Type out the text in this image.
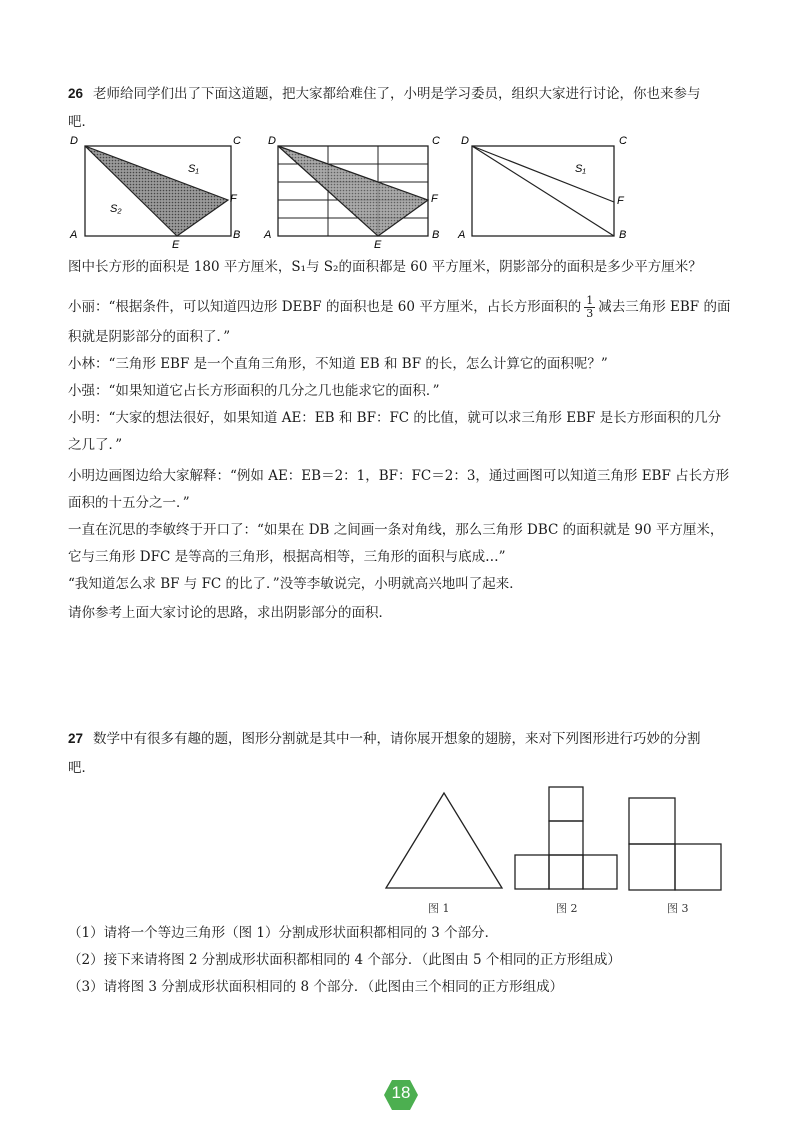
26 老师给同学们出了下面这道题，把大家都给难住了，小明是学习委员，组织大家进行讨论，你也来参与
吧．
D	C
A	B
E
F
S₁
S₂
D	C
A	B
E
F
D	C
A	B
F
S₁
图中长方形的面积是 180 平方厘米，S₁与 S₂的面积都是 60 平方厘米，阴影部分的面积是多少平方厘米？
小丽：“根据条件，可以知道四边形 DEBF 的面积也是 60 平方厘米，占长方形面积的 $\frac{1}{3}$ 减去三角形 EBF 的面
积就是阴影部分的面积了．”
小林：“三角形 EBF 是一个直角三角形，不知道 EB 和 BF 的长，怎么计算它的面积呢？”
小强：“如果知道它占长方形面积的几分之几也能求它的面积．”
小明：“大家的想法很好，如果知道 AE：EB 和 BF：FC 的比值，就可以求三角形 EBF 是长方形面积的几分
之几了．”
小明边画图边给大家解释：“例如 AE：EB＝2：1，BF：FC＝2：3，通过画图可以知道三角形 EBF 占长方形
面积的十五分之一．”
一直在沉思的李敏终于开口了：“如果在 DB 之间画一条对角线，那么三角形 DBC 的面积就是 90 平方厘米，
它与三角形 DFC 是等高的三角形，根据高相等，三角形的面积与底成…”
“我知道怎么求 BF 与 FC 的比了．”没等李敏说完，小明就高兴地叫了起来．
请你参考上面大家讨论的思路，求出阴影部分的面积．
27 数学中有很多有趣的题，图形分割就是其中一种，请你展开想象的翅膀，来对下列图形进行巧妙的分割
吧．
图 1	图 2	图 3
（1）请将一个等边三角形（图 1）分割成形状面积都相同的 3 个部分．
（2）接下来请将图 2 分割成形状面积都相同的 4 个部分．（此图由 5 个相同的正方形组成）
（3）请将图 3 分割成形状面积相同的 8 个部分．（此图由三个相同的正方形组成）
18
